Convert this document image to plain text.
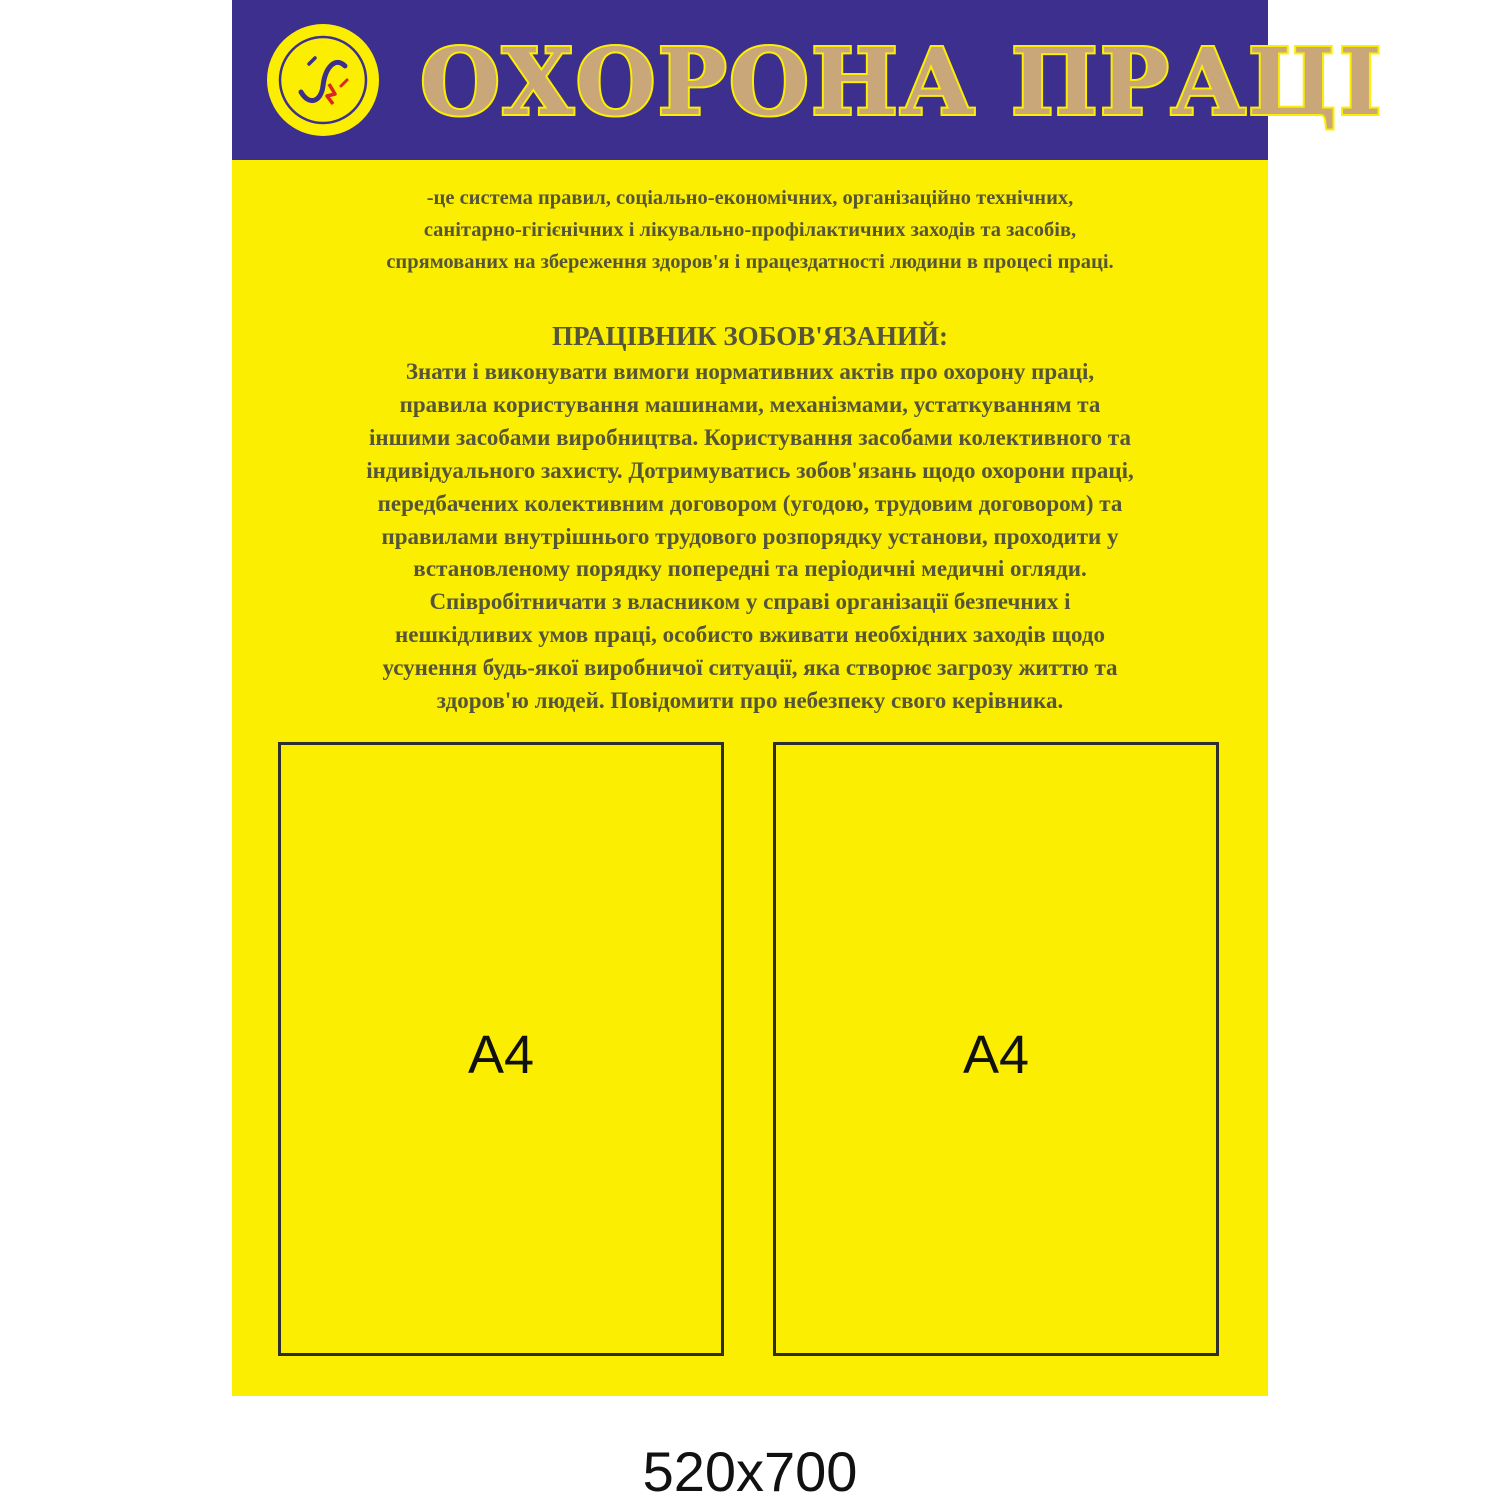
ОХОРОНА ПРАЦІ

-це система правил, соціально-економічних, організаційно технічних,
санітарно-гігієнічних і лікувально-профілактичних заходів та засобів,
спрямованих на збереження здоров'я і працездатності людини в процесі праці.

ПРАЦІВНИК ЗОБОВ'ЯЗАНИЙ:

Знати і виконувати вимоги нормативних актів про охорону праці,
правила користування машинами, механізмами, устаткуванням та
іншими засобами виробництва. Користування засобами колективного та
індивідуального захисту. Дотримуватись зобов'язань щодо охорони праці,
передбачених колективним договором (угодою, трудовим договором) та
правилами внутрішнього трудового розпорядку установи, проходити у
встановленому порядку попередні та періодичні медичні огляди.
Співробітничати з власником у справі організації безпечних і
нешкідливих умов праці, особисто вживати необхідних заходів щодо
усунення будь-якої виробничої ситуації, яка створює загрозу життю та
здоров'ю людей. Повідомити про небезпеку свого керівника.

A4	A4
520x700
